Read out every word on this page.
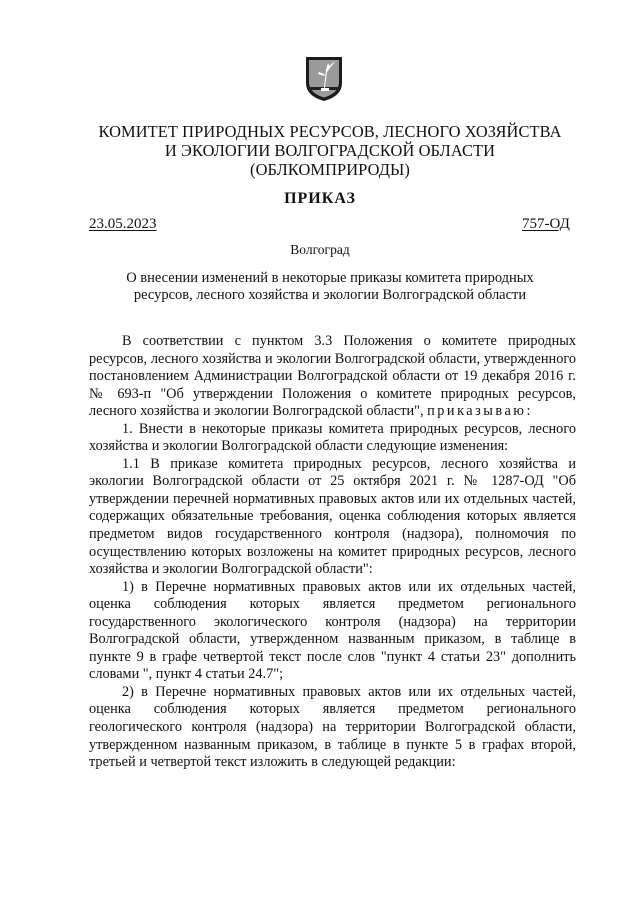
КОМИТЕТ ПРИРОДНЫХ РЕСУРСОВ, ЛЕСНОГО ХОЗЯЙСТВА
И ЭКОЛОГИИ ВОЛГОГРАДСКОЙ ОБЛАСТИ
(ОБЛКОМПРИРОДЫ)
ПРИКАЗ
23.05.2023	757-ОД
Волгоград
О внесении изменений в некоторые приказы комитета природных
ресурсов, лесного хозяйства и экологии Волгоградской области

В соответствии с пунктом 3.3 Положения о комитете природных ресурсов, лесного хозяйства и экологии Волгоградской области, утвержденного постановлением Администрации Волгоградской области от 19 декабря 2016 г. № 693-п "Об утверждении Положения о комитете природных ресурсов, лесного хозяйства и экологии Волгоградской области", приказываю:

1. Внести в некоторые приказы комитета природных ресурсов, лесного хозяйства и экологии Волгоградской области следующие изменения:

1.1 В приказе комитета природных ресурсов, лесного хозяйства и экологии Волгоградской области от 25 октября 2021 г. № 1287-ОД "Об утверждении перечней нормативных правовых актов или их отдельных частей, содержащих обязательные требования, оценка соблюдения которых является предметом видов государственного контроля (надзора), полномочия по осуществлению которых возложены на комитет природных ресурсов, лесного хозяйства и экологии Волгоградской области":

1) в Перечне нормативных правовых актов или их отдельных частей, оценка соблюдения которых является предметом регионального государственного экологического контроля (надзора) на территории Волгоградской области, утвержденном названным приказом, в таблице в пункте 9 в графе четвертой текст после слов "пункт 4 статьи 23" дополнить словами ", пункт 4 статьи 24.7";

2) в Перечне нормативных правовых актов или их отдельных частей, оценка соблюдения которых является предметом регионального геологического контроля (надзора) на территории Волгоградской области, утвержденном названным приказом, в таблице в пункте 5 в графах второй, третьей и четвертой текст изложить в следующей редакции:
